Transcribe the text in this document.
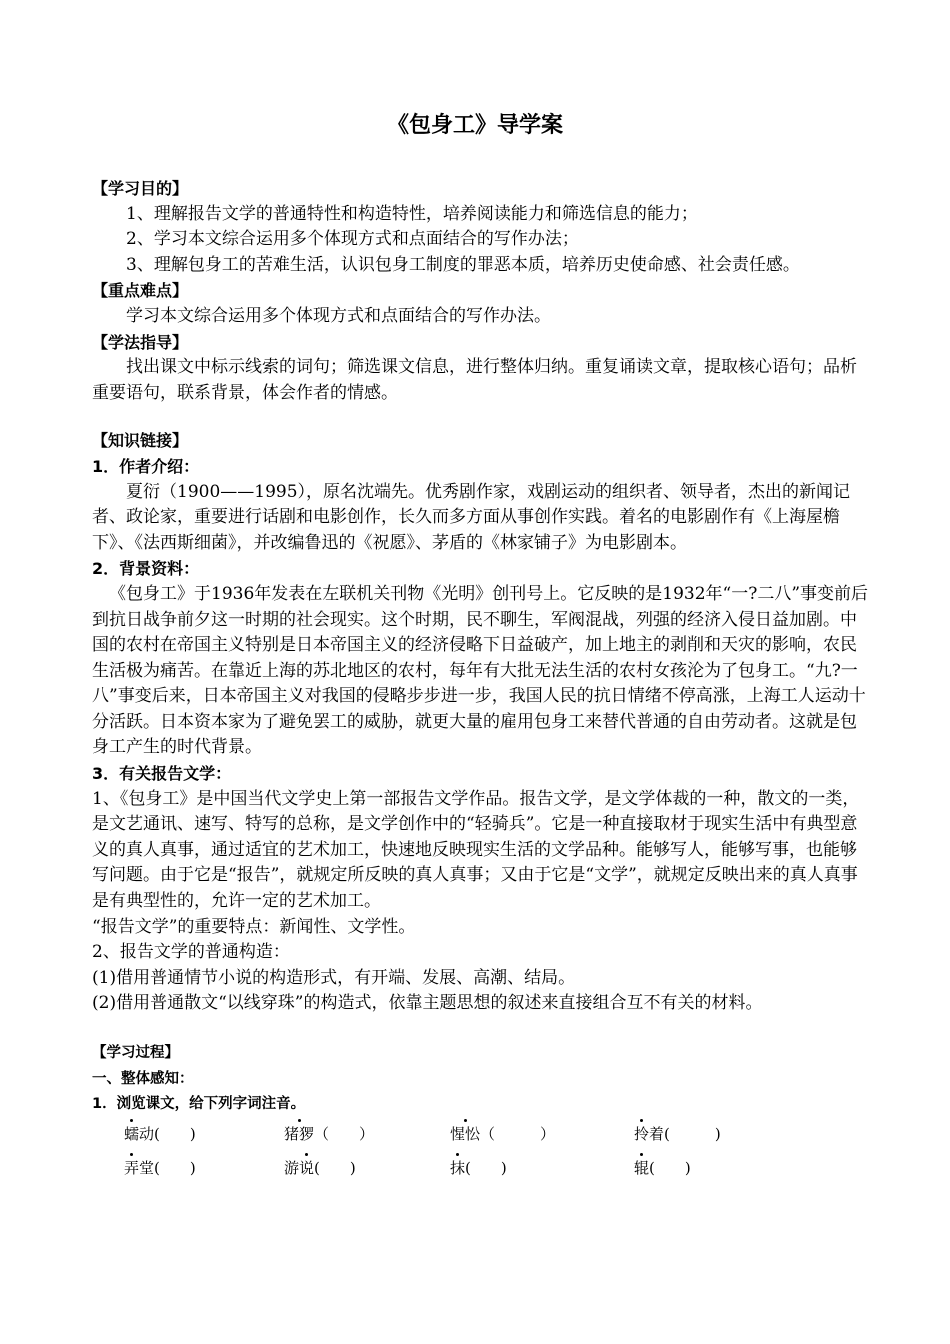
《包身工》导学案
【学习目的】

1、理解报告文学的普通特性和构造特性，培养阅读能力和筛选信息的能力；

2、学习本文综合运用多个体现方式和点面结合的写作办法；

3、理解包身工的苦难生活，认识包身工制度的罪恶本质，培养历史使命感、社会责任感。

【重点难点】

学习本文综合运用多个体现方式和点面结合的写作办法。

【学法指导】

找出课文中标示线索的词句；筛选课文信息，进行整体归纳。重复诵读文章，提取核心语句；品析重要语句，联系背景，体会作者的情感。

【知识链接】
1．作者介绍：

夏衍（1900——1995），原名沈端先。优秀剧作家，戏剧运动的组织者、领导者，杰出的新闻记者、政论家，重要进行话剧和电影创作，长久而多方面从事创作实践。着名的电影剧作有《上海屋檐下》、《法西斯细菌》，并改编鲁迅的《祝愿》、茅盾的《林家铺子》为电影剧本。

2．背景资料：

《包身工》于1936年发表在左联机关刊物《光明》创刊号上。它反映的是1932年“一?二八”事变前后到抗日战争前夕这一时期的社会现实。这个时期，民不聊生，军阀混战，列强的经济入侵日益加剧。中国的农村在帝国主义特别是日本帝国主义的经济侵略下日益破产，加上地主的剥削和天灾的影响，农民生活极为痛苦。在靠近上海的苏北地区的农村，每年有大批无法生活的农村女孩沦为了包身工。“九?一八”事变后来，日本帝国主义对我国的侵略步步进一步，我国人民的抗日情绪不停高涨，上海工人运动十分活跃。日本资本家为了避免罢工的威胁，就更大量的雇用包身工来替代普通的自由劳动者。这就是包身工产生的时代背景。

3．有关报告文学：

1、《包身工》是中国当代文学史上第一部报告文学作品。报告文学，是文学体裁的一种，散文的一类，是文艺通讯、速写、特写的总称，是文学创作中的“轻骑兵”。它是一种直接取材于现实生活中有典型意义的真人真事，通过适宜的艺术加工，快速地反映现实生活的文学品种。能够写人，能够写事，也能够写问题。由于它是“报告”，就规定所反映的真人真事；又由于它是“文学”，就规定反映出来的真人真事是有典型性的，允许一定的艺术加工。

“报告文学”的重要特点：新闻性、文学性。

2、报告文学的普通构造：

(1)借用普通情节小说的构造形式，有开端、发展、高潮、结局。

(2)借用普通散文“以线穿珠”的构造式，依靠主题思想的叙述来直接组合互不有关的材料。

【学习过程】
一、整体感知：
1．浏览课文，给下列字词注音。
蠕动(　　)	猪猡（　　）	惺忪（　　　）	拎着(　　　)
弄堂(　　)	游说(　　)	抹(　　)	辊(　　)
